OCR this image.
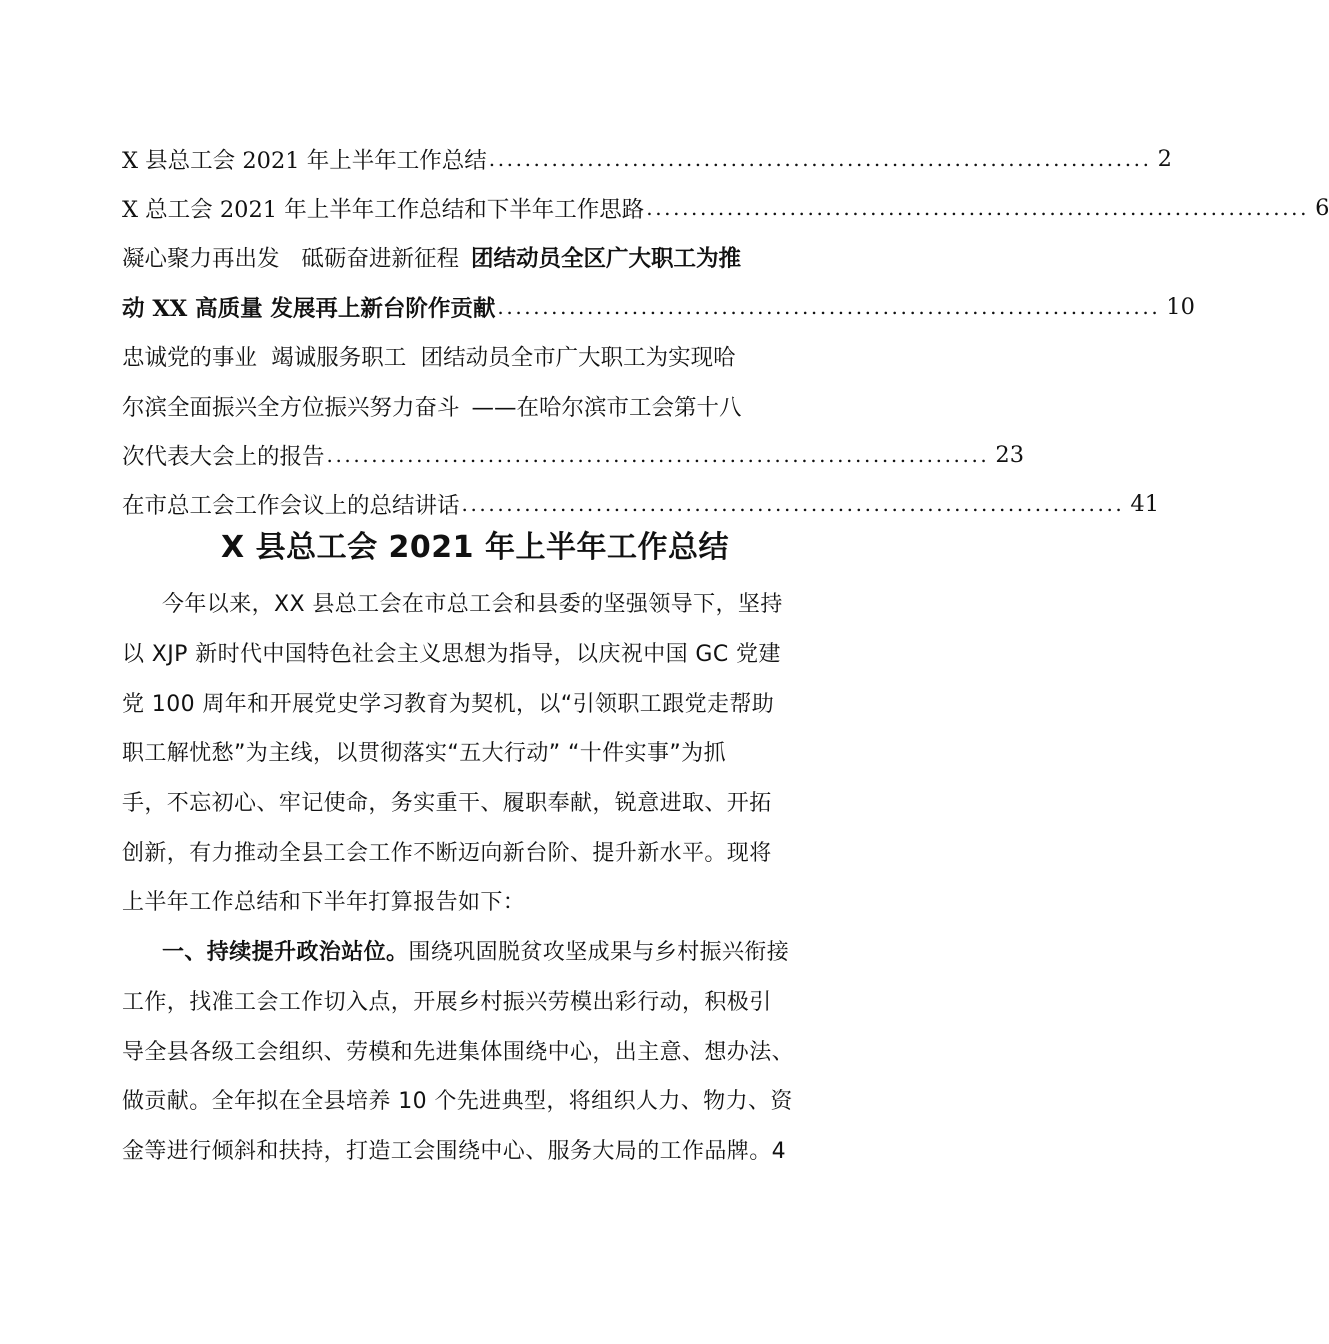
X 县总工会 2021 年上半年工作总结 .......................................................................... 2
X 总工会 2021 年上半年工作总结和下半年工作思路 .......................................................................... 6
凝心聚力再出发 砥砺奋进新征程 团结动员全区广大职工为推
动 XX 高质量 发展再上新台阶作贡献 .......................................................................... 10
忠诚党的事业  竭诚服务职工  团结动员全市广大职工为实现哈
尔滨全面振兴全方位振兴努力奋斗 ——在哈尔滨市工会第十八
次代表大会上的报告 .......................................................................... 23
在市总工会工作会议上的总结讲话 .......................................................................... 41
X 县总工会 2021 年上半年工作总结
今年以来，XX 县总工会在市总工会和县委的坚强领导下，坚持
以 XJP 新时代中国特色社会主义思想为指导，以庆祝中国 GC 党建
党 100 周年和开展党史学习教育为契机，以“引领职工跟党走帮助
职工解忧愁”为主线，以贯彻落实“五大行动” “十件实事”为抓
手，不忘初心、牢记使命，务实重干、履职奉献，锐意进取、开拓
创新，有力推动全县工会工作不断迈向新台阶、提升新水平。现将
上半年工作总结和下半年打算报告如下：
一、持续提升政治站位。 围绕巩固脱贫攻坚成果与乡村振兴衔接
工作，找准工会工作切入点，开展乡村振兴劳模出彩行动，积极引
导全县各级工会组织、劳模和先进集体围绕中心，出主意、想办法、
做贡献。全年拟在全县培养 10 个先进典型，将组织人力、物力、资
金等进行倾斜和扶持，打造工会围绕中心、服务大局的工作品牌。4
